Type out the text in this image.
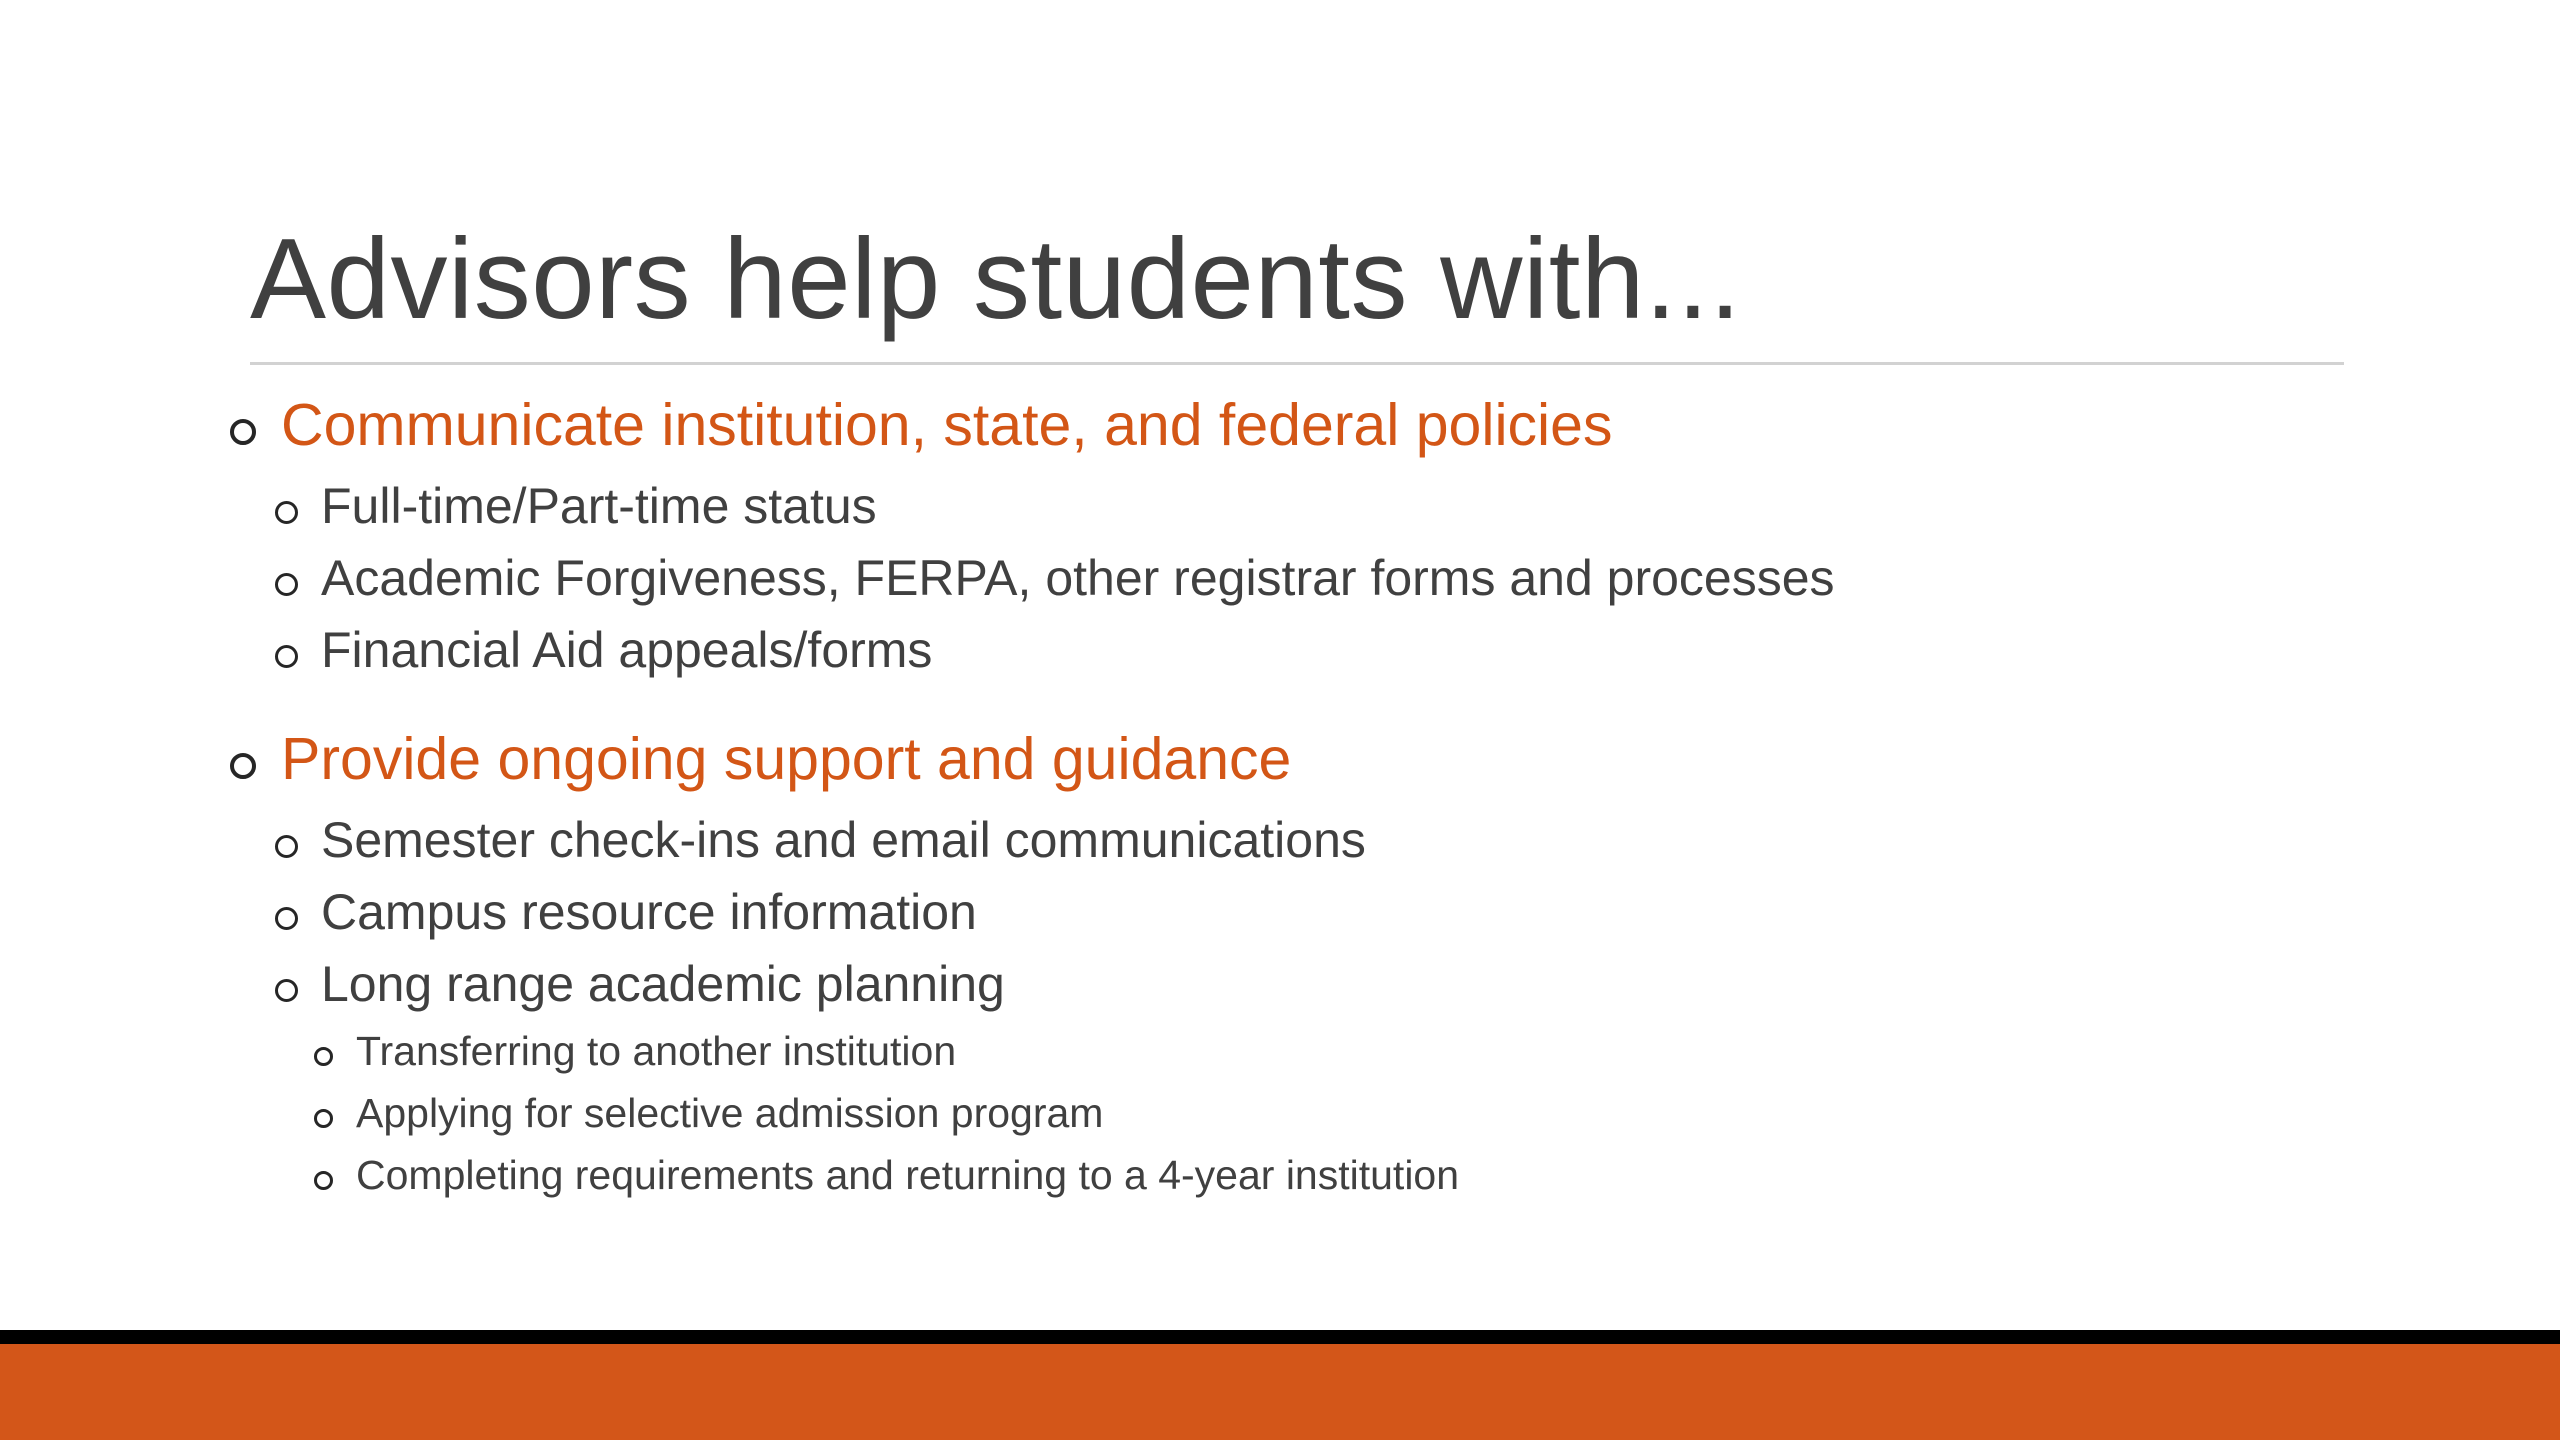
Advisors help students with...
Communicate institution, state, and federal policies
Full-time/Part-time status
Academic Forgiveness, FERPA, other registrar forms and processes
Financial Aid appeals/forms
Provide ongoing support and guidance
Semester check-ins and email communications
Campus resource information
Long range academic planning
Transferring to another institution
Applying for selective admission program
Completing requirements and returning to a 4-year institution
